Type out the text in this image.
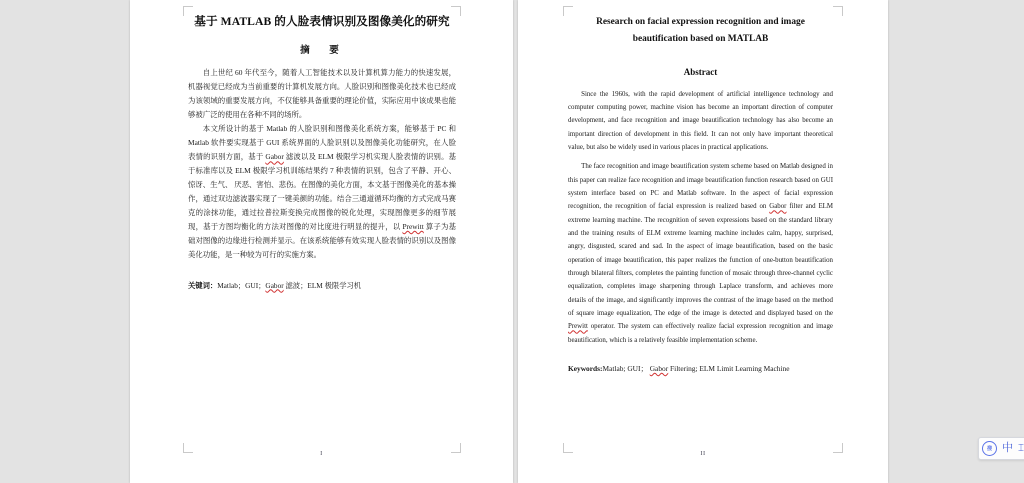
基于 MATLAB 的人脸表情识别及图像美化的研究
摘　要

自上世纪 60 年代至今，随着人工智能技术以及计算机算力能力的快速发展，机器视觉已经成为当前重要的计算机发展方向。人脸识别和图像美化技术也已经成为该领域的重要发展方向，不仅能够具备重要的理论价值，实际应用中该成果也能够被广泛的使用在各种不同的场所。

本文所设计的基于 Matlab 的人脸识别和图像美化系统方案，能够基于 PC 和 Matlab 软件要实现基于 GUI 系统界面的人脸识别以及图像美化功能研究，在人脸表情的识别方面，基于 Gabor 滤波以及 ELM 极限学习机实现人脸表情的识别。基于标准库以及 ELM 极限学习机训练结果约 7 种表情的识别，包含了平静、开心、惊讶、生气、 厌恶、害怕、悲伤。在图像的美化方面，本文基于图像美化的基本操作，通过双边滤波器实现了一键美颜的功能。结合三通道循环均衡的方式完成马赛克的涂抹功能，通过拉普拉斯变换完成图像的锐化处理，实现图像更多的细节展现，基于方图均衡化的方法对图像的对比度进行明显的提升，以 Prewitt 算子为基础对图像的边缘进行检测并显示。在该系统能够有效实现人脸表情的识别以及图像美化功能，是一种较为可行的实施方案。

关键词：Matlab；GUI；Gabor 滤波；ELM 极限学习机
I
Research on facial expression recognition and image
beautification based on MATLAB
Abstract

Since the 1960s, with the rapid development of artificial intelligence technology and computer computing power, machine vision has become an important direction of computer development, and face recognition and image beautification technology has also become an important direction of development in this field. It can not only have important theoretical value, but also be widely used in various places in practical applications.

The face recognition and image beautification system scheme based on Matlab designed in this paper can realize face recognition and image beautification function research based on GUI system interface based on PC and Matlab software. In the aspect of facial expression recognition, the recognition of facial expression is realized based on Gabor filter and ELM extreme learning machine. The recognition of seven expressions based on the standard library and the training results of ELM extreme learning machine includes calm, happy, surprised, angry, disgusted, scared and sad. In the aspect of image beautification, based on the basic operation of image beautification, this paper realizes the function of one-button beautification through bilateral filters, completes the painting function of mosaic through three-channel cyclic equalization, completes image sharpening through Laplace transform, and achieves more details of the image, and significantly improves the contrast of the image based on the method of square image equalization, The edge of the image is detected and displayed based on the Prewitt operator. The system can effectively realize facial expression recognition and image beautification, which is a relatively feasible implementation scheme.

Keywords:Matlab; GUI； Gabor Filtering; ELM Limit Learning Machine
II
搜 中 ⌶
